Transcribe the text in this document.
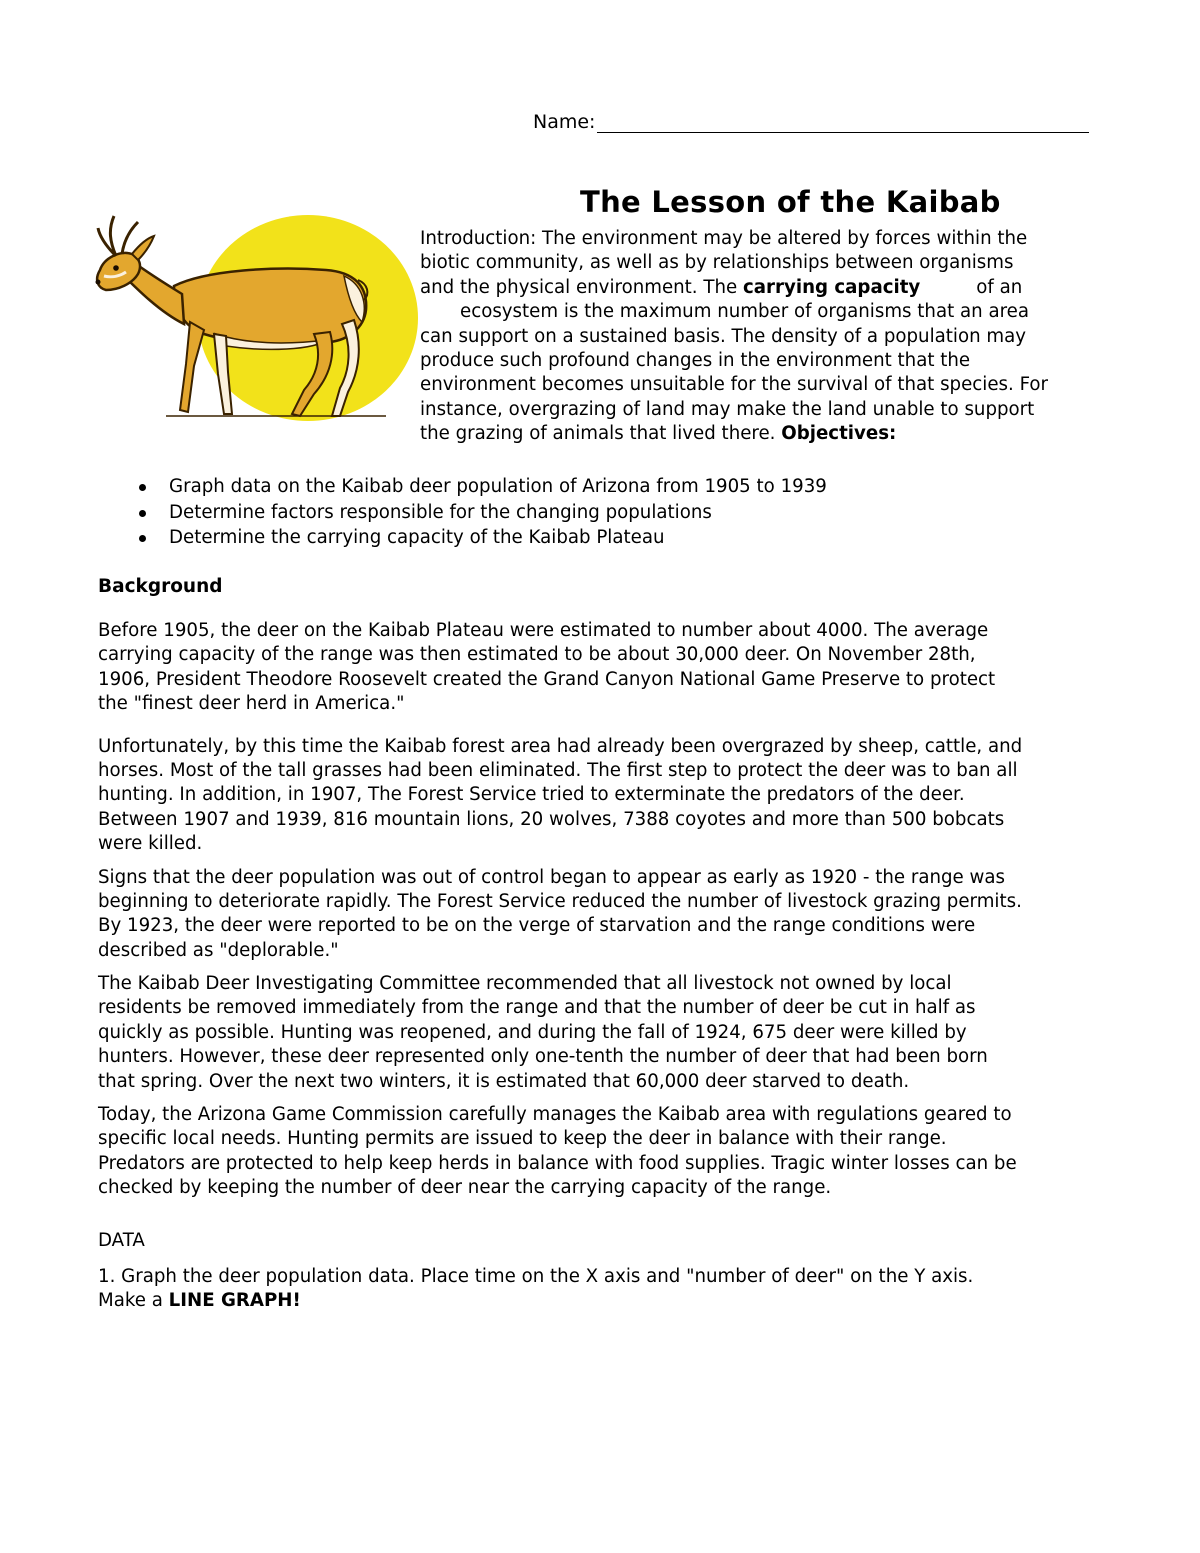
Name:
The Lesson of the Kaibab
Introduction: The environment may be altered by forces within the
biotic community, as well as by relationships between organisms
and the physical environment. The carrying capacity	of an
ecosystem is the maximum number of organisms that an area
can support on a sustained basis. The density of a population may
produce such profound changes in the environment that the
environment becomes unsuitable for the survival of that species. For
instance, overgrazing of land may make the land unable to support
the grazing of animals that lived there. Objectives:
Graph data on the Kaibab deer population of Arizona from 1905 to 1939
Determine factors responsible for the changing populations
Determine the carrying capacity of the Kaibab Plateau
Background

Before 1905, the deer on the Kaibab Plateau were estimated to number about 4000. The average
carrying capacity of the range was then estimated to be about 30,000 deer. On November 28th,
1906, President Theodore Roosevelt created the Grand Canyon National Game Preserve to protect
the "finest deer herd in America."

Unfortunately, by this time the Kaibab forest area had already been overgrazed by sheep, cattle, and
horses. Most of the tall grasses had been eliminated. The first step to protect the deer was to ban all
hunting. In addition, in 1907, The Forest Service tried to exterminate the predators of the deer.
Between 1907 and 1939, 816 mountain lions, 20 wolves, 7388 coyotes and more than 500 bobcats
were killed.
Signs that the deer population was out of control began to appear as early as 1920 - the range was
beginning to deteriorate rapidly. The Forest Service reduced the number of livestock grazing permits.
By 1923, the deer were reported to be on the verge of starvation and the range conditions were
described as "deplorable."
The Kaibab Deer Investigating Committee recommended that all livestock not owned by local
residents be removed immediately from the range and that the number of deer be cut in half as
quickly as possible. Hunting was reopened, and during the fall of 1924, 675 deer were killed by
hunters. However, these deer represented only one-tenth the number of deer that had been born
that spring. Over the next two winters, it is estimated that 60,000 deer starved to death.
Today, the Arizona Game Commission carefully manages the Kaibab area with regulations geared to
specific local needs. Hunting permits are issued to keep the deer in balance with their range.
Predators are protected to help keep herds in balance with food supplies. Tragic winter losses can be
checked by keeping the number of deer near the carrying capacity of the range.
DATA
1. Graph the deer population data. Place time on the X axis and "number of deer" on the Y axis.
Make a LINE GRAPH!
